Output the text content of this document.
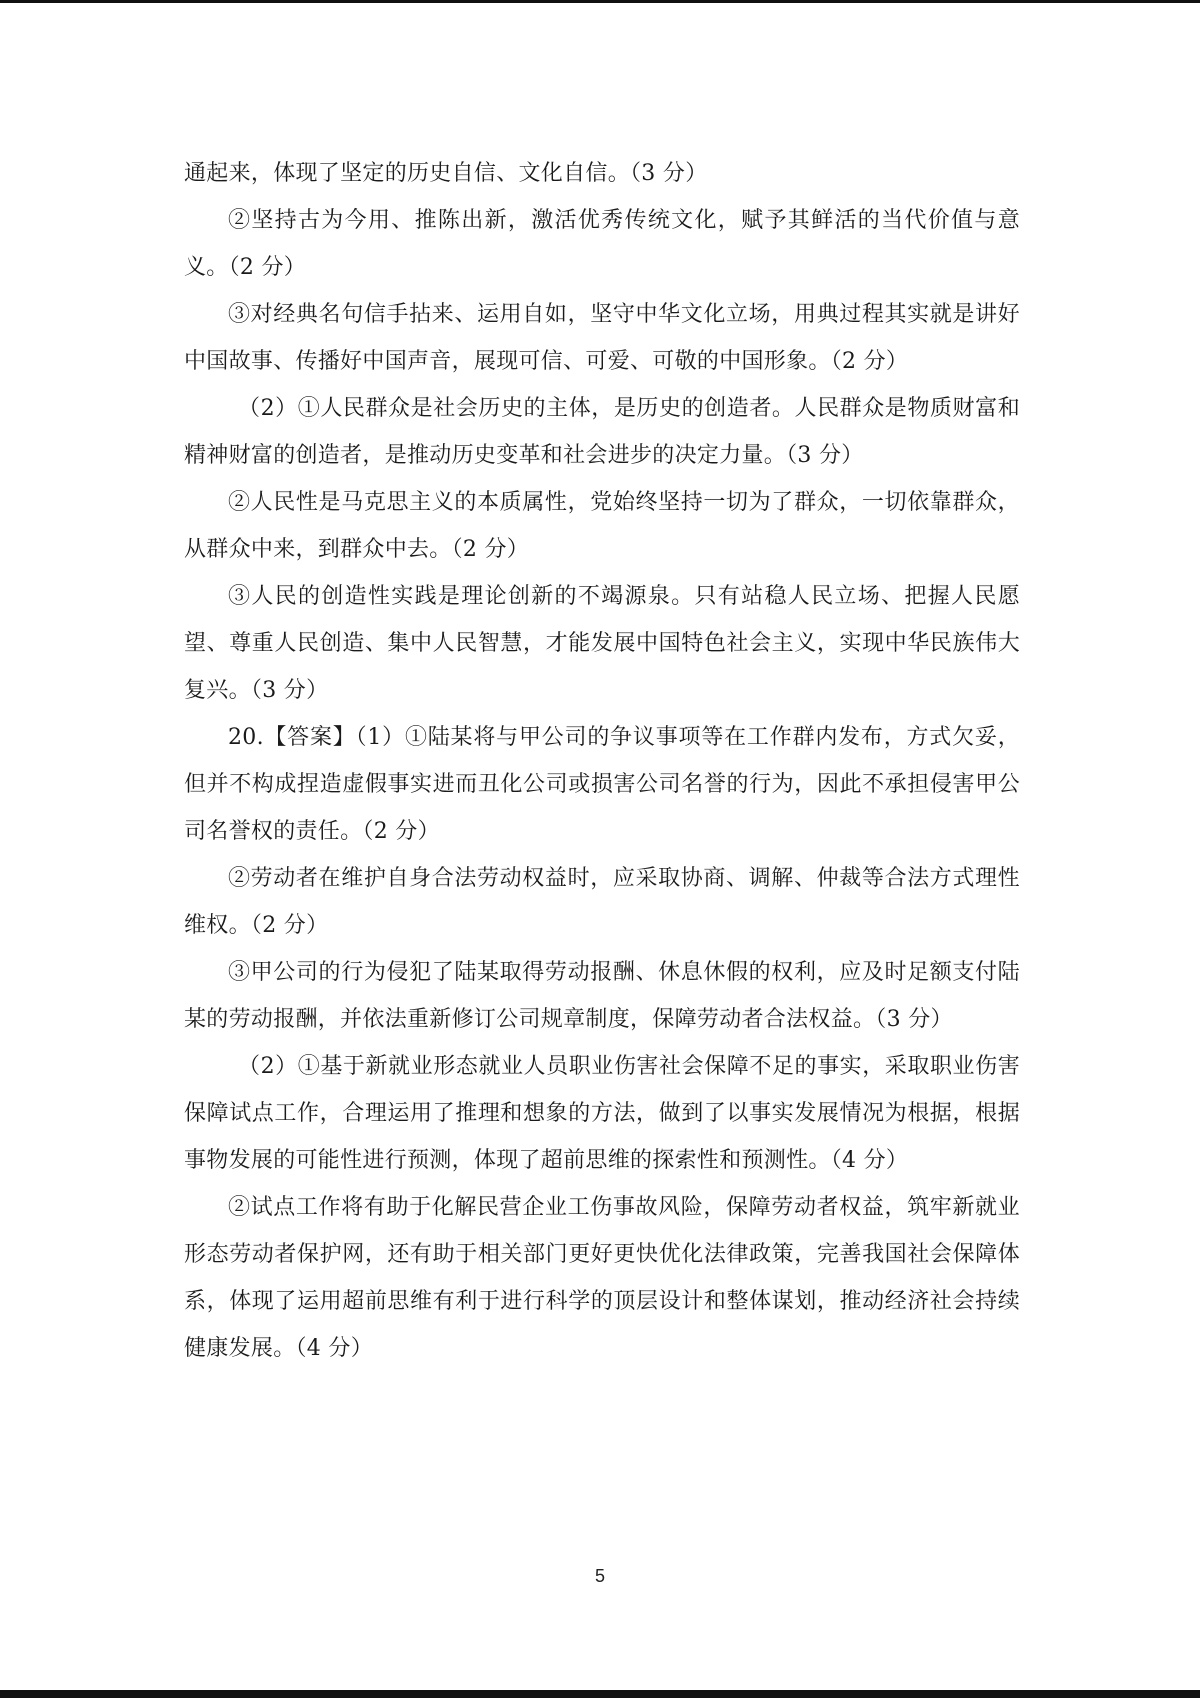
通起来，体现了坚定的历史自信、文化自信。（3 分）

②坚持古为今用、推陈出新，激活优秀传统文化，赋予其鲜活的当代价值与意义。（2 分）

③对经典名句信手拈来、运用自如，坚守中华文化立场，用典过程其实就是讲好中国故事、传播好中国声音，展现可信、可爱、可敬的中国形象。（2 分）

（2）①人民群众是社会历史的主体，是历史的创造者。人民群众是物质财富和精神财富的创造者，是推动历史变革和社会进步的决定力量。（3 分）

②人民性是马克思主义的本质属性，党始终坚持一切为了群众，一切依靠群众，从群众中来，到群众中去。（2 分）

③人民的创造性实践是理论创新的不竭源泉。只有站稳人民立场、把握人民愿望、尊重人民创造、集中人民智慧，才能发展中国特色社会主义，实现中华民族伟大复兴。（3 分）

20.【答案】（1）①陆某将与甲公司的争议事项等在工作群内发布，方式欠妥，但并不构成捏造虚假事实进而丑化公司或损害公司名誉的行为，因此不承担侵害甲公司名誉权的责任。（2 分）

②劳动者在维护自身合法劳动权益时，应采取协商、调解、仲裁等合法方式理性维权。（2 分）

③甲公司的行为侵犯了陆某取得劳动报酬、休息休假的权利，应及时足额支付陆某的劳动报酬，并依法重新修订公司规章制度，保障劳动者合法权益。（3 分）

（2）①基于新就业形态就业人员职业伤害社会保障不足的事实，采取职业伤害保障试点工作，合理运用了推理和想象的方法，做到了以事实发展情况为根据，根据事物发展的可能性进行预测，体现了超前思维的探索性和预测性。（4 分）

②试点工作将有助于化解民营企业工伤事故风险，保障劳动者权益，筑牢新就业形态劳动者保护网，还有助于相关部门更好更快优化法律政策，完善我国社会保障体系，体现了运用超前思维有利于进行科学的顶层设计和整体谋划，推动经济社会持续健康发展。（4 分）

5
